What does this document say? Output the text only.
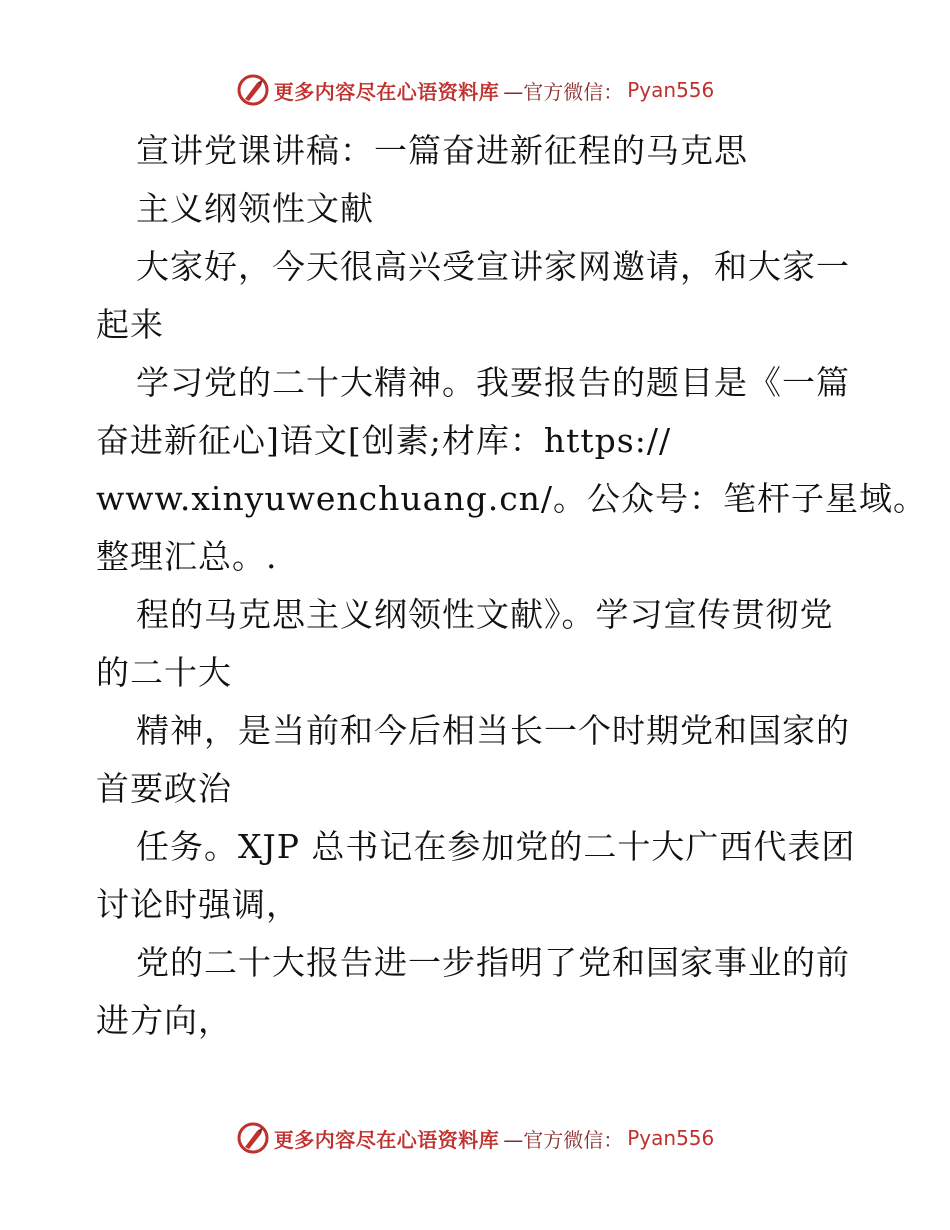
更多内容尽在心语资料库 —官方微信： Pyan556
宣讲党课讲稿：一篇奋进新征程的马克思
主义纲领性文献
大家好，今天很高兴受宣讲家网邀请，和大家一
起来
学习党的二十大精神。我要报告的题目是《一篇
奋进新征心]语文[创素;材库：https://
www.xinyuwenchuang.cn/。公众号：笔杆子星域。
整理汇总。.
程的马克思主义纲领性文献》。学习宣传贯彻党
的二十大
精神，是当前和今后相当长一个时期党和国家的
首要政治
任务。XJP 总书记在参加党的二十大广西代表团
讨论时强调，
党的二十大报告进一步指明了党和国家事业的前
进方向，
更多内容尽在心语资料库 —官方微信： Pyan556
